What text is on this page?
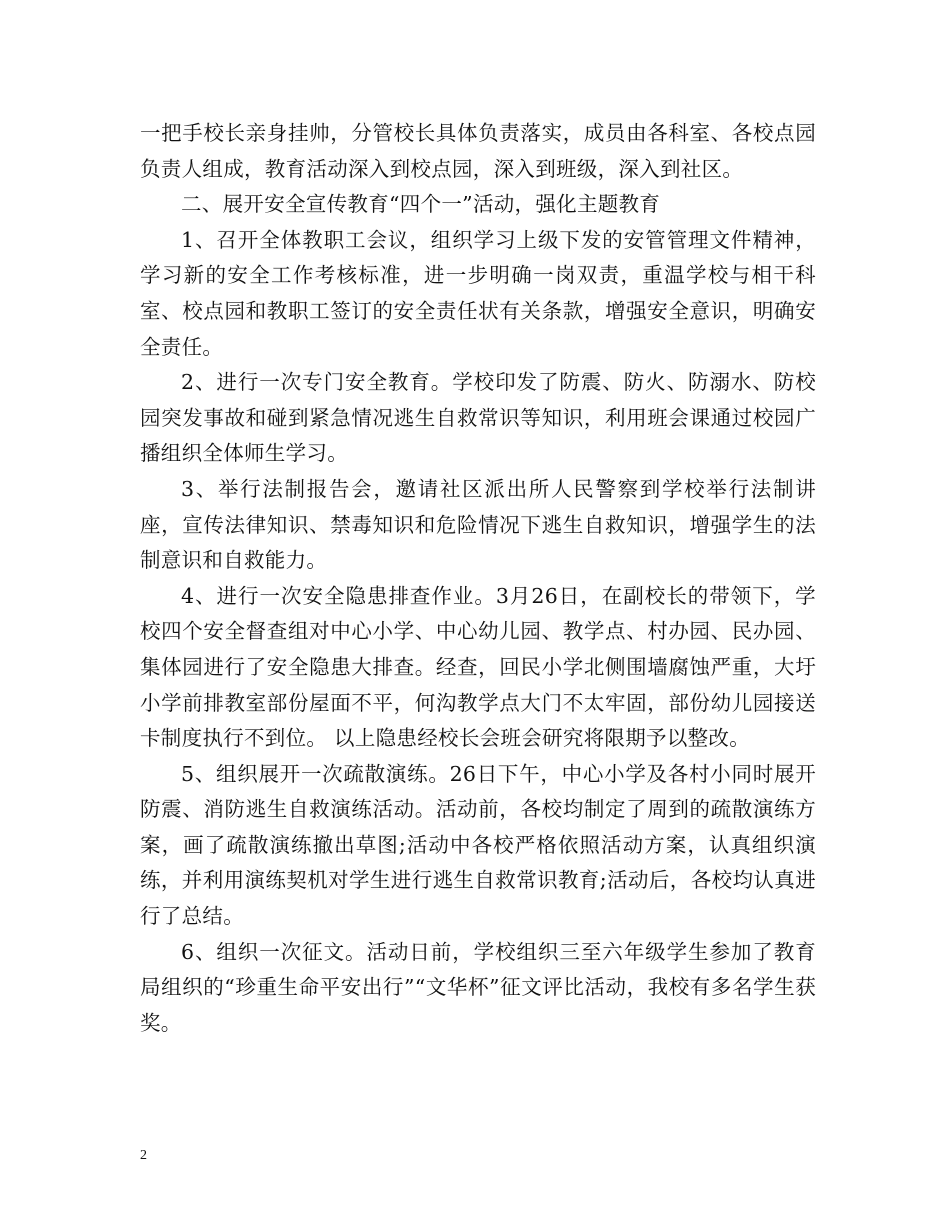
一把手校长亲身挂帅，分管校长具体负责落实，成员由各科室、各校点园负责人组成，教育活动深入到校点园，深入到班级，深入到社区。

二、展开安全宣传教育“四个一”活动，强化主题教育

1、召开全体教职工会议，组织学习上级下发的安管管理文件精神，学习新的安全工作考核标准，进一步明确一岗双责，重温学校与相干科室、校点园和教职工签订的安全责任状有关条款，增强安全意识，明确安全责任。

2、进行一次专门安全教育。学校印发了防震、防火、防溺水、防校园突发事故和碰到紧急情况逃生自救常识等知识，利用班会课通过校园广播组织全体师生学习。

3、举行法制报告会，邀请社区派出所人民警察到学校举行法制讲座，宣传法律知识、禁毒知识和危险情况下逃生自救知识，增强学生的法制意识和自救能力。

4、进行一次安全隐患排查作业。3月26日，在副校长的带领下，学校四个安全督查组对中心小学、中心幼儿园、教学点、村办园、民办园、集体园进行了安全隐患大排查。经查，回民小学北侧围墙腐蚀严重，大圩小学前排教室部份屋面不平，何沟教学点大门不太牢固，部份幼儿园接送卡制度执行不到位。 以上隐患经校长会班会研究将限期予以整改。

5、组织展开一次疏散演练。26日下午，中心小学及各村小同时展开防震、消防逃生自救演练活动。活动前，各校均制定了周到的疏散演练方案，画了疏散演练撤出草图;活动中各校严格依照活动方案，认真组织演练，并利用演练契机对学生进行逃生自救常识教育;活动后，各校均认真进行了总结。

6、组织一次征文。活动日前，学校组织三至六年级学生参加了教育局组织的“珍重生命平安出行”“文华杯”征文评比活动，我校有多名学生获奖。

2
